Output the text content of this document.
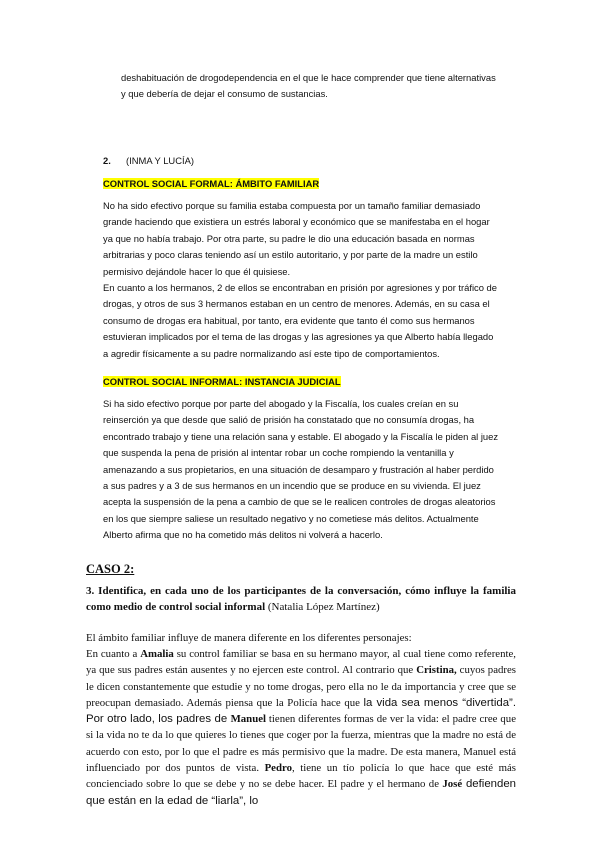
deshabituación de drogodependencia en el que le hace comprender que tiene alternativas y que debería de dejar el consumo de sustancias.
2. (INMA Y LUCÍA)
CONTROL SOCIAL FORMAL: ÁMBITO FAMILIAR
No ha sido efectivo porque su familia estaba compuesta por un tamaño familiar demasiado grande haciendo que existiera un estrés laboral y económico que se manifestaba en el hogar ya que no había trabajo. Por otra parte, su padre le dio una educación basada en normas arbitrarias y poco claras teniendo así un estilo autoritario, y por parte de la madre un estilo permisivo dejándole hacer lo que él quisiese.
En cuanto a los hermanos, 2 de ellos se encontraban en prisión por agresiones y por tráfico de drogas, y otros de sus 3 hermanos estaban en un centro de menores. Además, en su casa el consumo de drogas era habitual, por tanto, era evidente que tanto él como sus hermanos estuvieran implicados por el tema de las drogas y las agresiones ya que Alberto había llegado a agredir físicamente a su padre normalizando así este tipo de comportamientos.
CONTROL SOCIAL INFORMAL: INSTANCIA JUDICIAL
Si ha sido efectivo porque por parte del abogado y la Fiscalía, los cuales creían en su reinserción ya que desde que salió de prisión ha constatado que no consumía drogas, ha encontrado trabajo y tiene una relación sana y estable. El abogado y la Fiscalía le piden al juez que suspenda la pena de prisión al intentar robar un coche rompiendo la ventanilla y amenazando a sus propietarios, en una situación de desamparo y frustración al haber perdido a sus padres y a 3 de sus hermanos en un incendio que se produce en su vivienda. El juez acepta la suspensión de la pena a cambio de que se le realicen controles de drogas aleatorios en los que siempre saliese un resultado negativo y no cometiese más delitos. Actualmente Alberto afirma que no ha cometido más delitos ni volverá a hacerlo.
CASO 2:
3. Identifica, en cada uno de los participantes de la conversación, cómo influye la familia como medio de control social informal (Natalia López Martínez)
El ámbito familiar influye de manera diferente en los diferentes personajes:
En cuanto a Amalia su control familiar se basa en su hermano mayor, al cual tiene como referente, ya que sus padres están ausentes y no ejercen este control. Al contrario que Cristina, cuyos padres le dicen constantemente que estudie y no tome drogas, pero ella no le da importancia y cree que se preocupan demasiado. Además piensa que la Policía hace que la vida sea menos “divertida”. Por otro lado, los padres de Manuel tienen diferentes formas de ver la vida: el padre cree que si la vida no te da lo que quieres lo tienes que coger por la fuerza, mientras que la madre no está de acuerdo con esto, por lo que el padre es más permisivo que la madre. De esta manera, Manuel está influenciado por dos puntos de vista. Pedro, tiene un tío policía lo que hace que esté más concienciado sobre lo que se debe y no se debe hacer. El padre y el hermano de José defienden que están en la edad de “liarla”, lo
